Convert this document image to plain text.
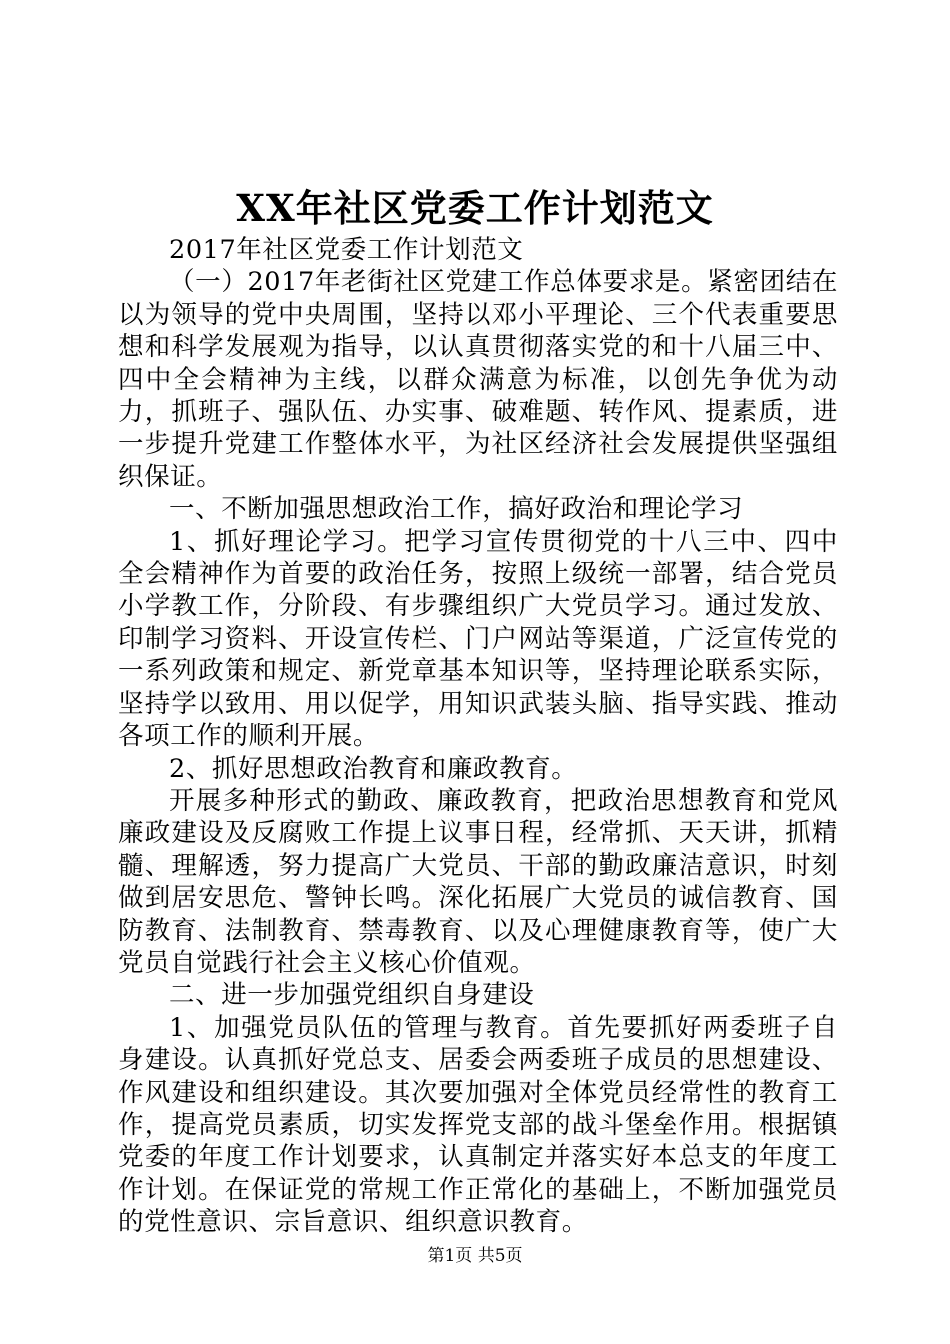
XX年社区党委工作计划范文

2017年社区党委工作计划范文

（一）2017年老街社区党建工作总体要求是。紧密团结在以为领导的党中央周围，坚持以邓小平理论、三个代表重要思想和科学发展观为指导，以认真贯彻落实党的和十八届三中、四中全会精神为主线，以群众满意为标准，以创先争优为动力，抓班子、强队伍、办实事、破难题、转作风、提素质，进一步提升党建工作整体水平，为社区经济社会发展提供坚强组织保证。

一、不断加强思想政治工作，搞好政治和理论学习

1、抓好理论学习。把学习宣传贯彻党的十八三中、四中全会精神作为首要的政治任务，按照上级统一部署，结合党员小学教工作，分阶段、有步骤组织广大党员学习。通过发放、印制学习资料、开设宣传栏、门户网站等渠道，广泛宣传党的一系列政策和规定、新党章基本知识等，坚持理论联系实际，坚持学以致用、用以促学，用知识武装头脑、指导实践、推动各项工作的顺利开展。

2、抓好思想政治教育和廉政教育。

开展多种形式的勤政、廉政教育，把政治思想教育和党风廉政建设及反腐败工作提上议事日程，经常抓、天天讲，抓精髓、理解透，努力提高广大党员、干部的勤政廉洁意识，时刻做到居安思危、警钟长鸣。深化拓展广大党员的诚信教育、国防教育、法制教育、禁毒教育、以及心理健康教育等，使广大党员自觉践行社会主义核心价值观。

二、进一步加强党组织自身建设

1、加强党员队伍的管理与教育。首先要抓好两委班子自身建设。认真抓好党总支、居委会两委班子成员的思想建设、作风建设和组织建设。其次要加强对全体党员经常性的教育工作，提高党员素质，切实发挥党支部的战斗堡垒作用。根据镇党委的年度工作计划要求，认真制定并落实好本总支的年度工作计划。在保证党的常规工作正常化的基础上，不断加强党员的党性意识、宗旨意识、组织意识教育。

第1页 共5页
